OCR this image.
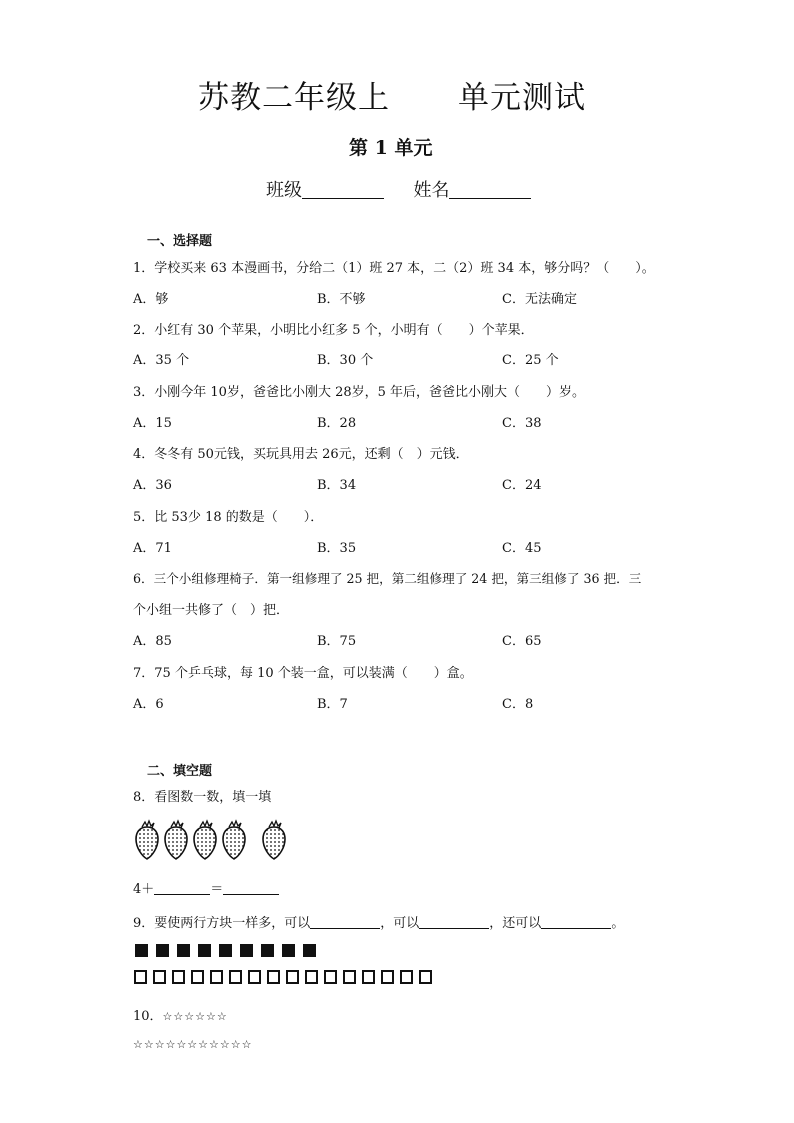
苏教二年级上 单元测试
第 1 单元
班级	姓名
一、选择题
1．学校买来 63 本漫画书，分给二（1）班 27 本，二（2）班 34 本，够分吗？（　　）。
A．够	B．不够	C．无法确定
2．小红有 30 个苹果，小明比小红多 5 个，小明有（　　）个苹果．
A．35 个	B．30 个	C．25 个
3．小刚今年 10岁，爸爸比小刚大 28岁，5 年后，爸爸比小刚大（　　）岁。
A．15	B．28	C．38
4．冬冬有 50元钱，买玩具用去 26元，还剩（　）元钱．
A．36	B．34	C．24
5．比 53少 18 的数是（　　）．
A．71	B．35	C．45
6．三个小组修理椅子．第一组修理了 25 把，第二组修理了 24 把，第三组修了 36 把．三
个小组一共修了（　）把．
A．85	B．75	C．65
7．75 个乒乓球，每 10 个装一盒，可以装满（　　）盒。
A．6	B．7	C．8
二、填空题
8．看图数一数，填一填
4＋	＝
9．要使两行方块一样多，可以	，可以	，还可以	。
10．☆☆☆☆☆☆
☆☆☆☆☆☆☆☆☆☆☆
